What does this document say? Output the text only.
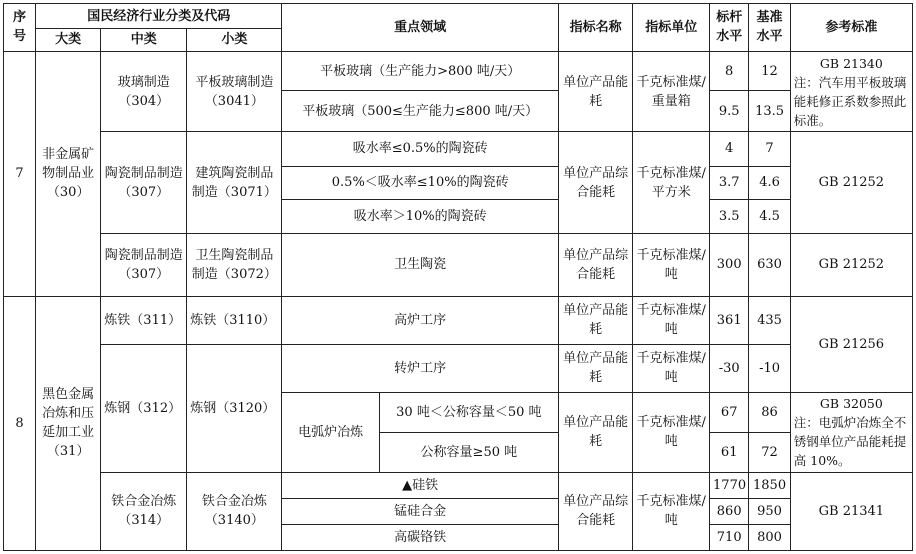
序号	国民经济行业分类及代码			重点领域		指标名称	指标单位	标杆水平	基准水平	参考标准
	大类	中类	小类							
7	非金属矿物制品业（30）	玻璃制造（304）	平板玻璃制造（3041）	平板玻璃（生产能力>800 吨/天）		单位产品能耗	千克标准煤/重量箱	8	12	GB 21340
注：汽车用平板玻璃能耗修正系数参照此标准。

				平板玻璃（500≤生产能力≤800 吨/天）				9.5	13.5	
		陶瓷制品制造（307）	建筑陶瓷制品制造（3071）	吸水率≤0.5%的陶瓷砖		单位产品综合能耗	千克标准煤/平方米	4	7	GB 21252
				0.5%＜吸水率≤10%的陶瓷砖				3.7	4.6	
				吸水率＞10%的陶瓷砖				3.5	4.5	
		陶瓷制品制造（307）	卫生陶瓷制品制造（3072）	卫生陶瓷		单位产品综合能耗	千克标准煤/吨	300	630	GB 21252
8	黑色金属冶炼和压延加工业（31）	炼铁（311）	炼铁（3110）	高炉工序		单位产品能耗	千克标准煤/吨	361	435	GB 21256
		炼钢（312）	炼钢（3120）	转炉工序		单位产品能耗	千克标准煤/吨	-30	-10	
				电弧炉冶炼	30 吨＜公称容量＜50 吨	单位产品能耗	千克标准煤/吨	67	86	GB 32050
注：电弧炉冶炼全不锈钢单位产品能耗提高 10%。

					公称容量≥50 吨			61	72	
		铁合金冶炼（314）	铁合金冶炼（3140）	▲硅铁		单位产品综合能耗	千克标准煤/吨	1770	1850	GB 21341
				锰硅合金				860	950	
				高碳铬铁				710	800	
